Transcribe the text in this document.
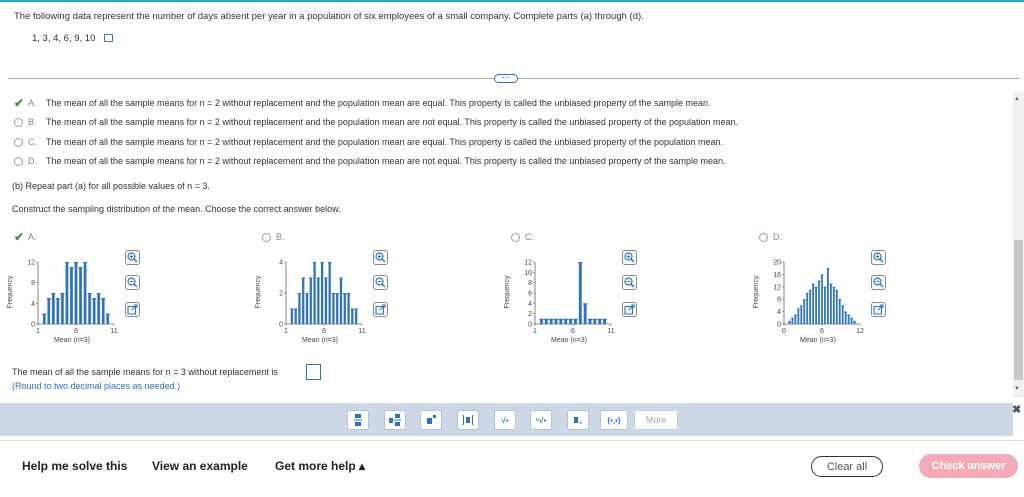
The following data represent the number of days absent per year in a population of six employees of a small company. Complete parts (a) through (d).
1, 3, 4, 6, 9, 10
···
✔ A. The mean of all the sample means for n = 2 without replacement and the population mean are equal. This property is called the unbiased property of the sample mean.
B. The mean of all the sample means for n = 2 without replacement and the population mean are not equal. This property is called the unbiased property of the population mean.
C. The mean of all the sample means for n = 2 without replacement and the population mean are equal. This property is called the unbiased property of the population mean.
D. The mean of all the sample means for n = 2 without replacement and the population mean are not equal. This property is called the unbiased property of the sample mean.
(b) Repeat part (a) for all possible values of n = 3.
Construct the sampling distribution of the mean. Choose the correct answer below.
✔ A.	B.	C.	D.
Frequency
0
4
8
12
1	6	11
Mean (n=3)
Frequency
0
2
4
1	6	11
Mean (n=3)
Frequency
0
2
4
6
8
10
12
1	6	11
Mean (n=3)
Frequency
0
4
8
12
16
20
0	6	12
Mean (n=3)
The mean of all the sample means for n = 3 without replacement is
(Round to two decimal places as needed.)
▲
▼
√▪	ⁿ√▪	(▪,▪)	More
✖
Help me solve this View an example Get more help ▴	Clear all	Check answer
